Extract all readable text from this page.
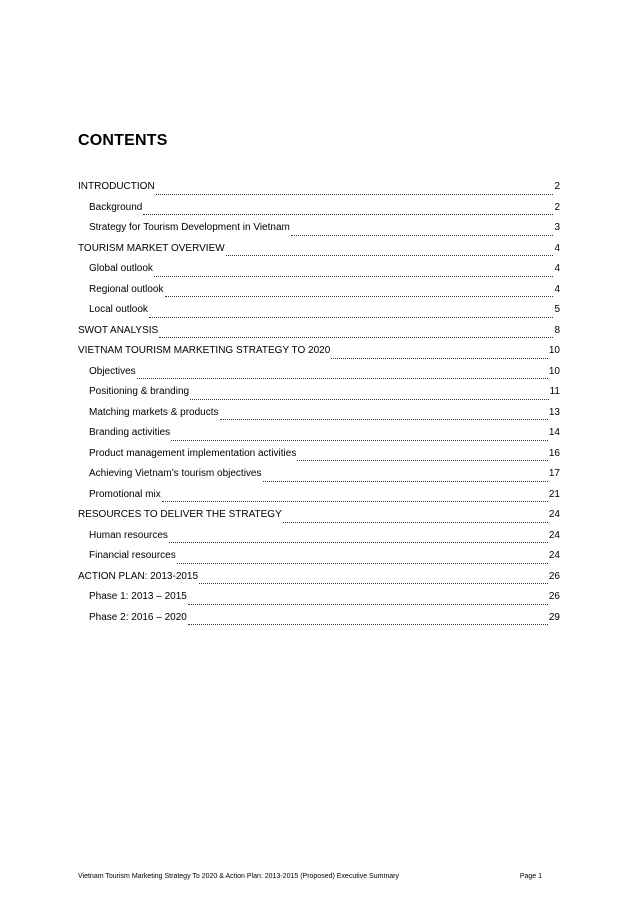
CONTENTS
INTRODUCTION	2
Background	2
Strategy for Tourism Development in Vietnam	3
TOURISM MARKET OVERVIEW	4
Global outlook	4
Regional outlook	4
Local outlook	5
SWOT ANALYSIS	8
VIETNAM TOURISM MARKETING STRATEGY TO 2020	10
Objectives	10
Positioning & branding	11
Matching markets & products	13
Branding activities	14
Product management implementation activities	16
Achieving Vietnam’s tourism objectives	17
Promotional mix	21
RESOURCES TO DELIVER THE STRATEGY	24
Human resources	24
Financial resources	24
ACTION PLAN: 2013-2015	26
Phase 1: 2013 – 2015	26
Phase 2: 2016 – 2020	29
Vietnam Tourism Marketing Strategy To 2020 & Action Plan: 2013-2015 (Proposed) Executive Summary	Page 1
